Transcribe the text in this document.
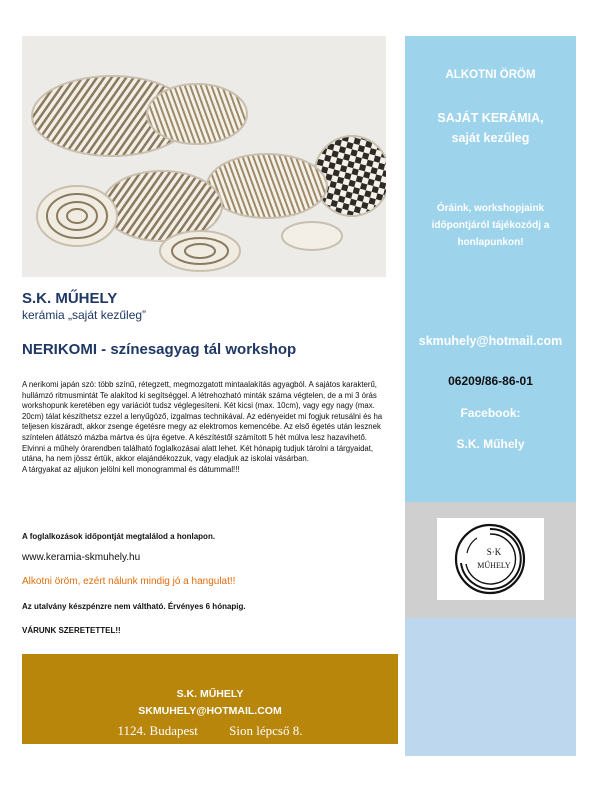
S.K. MŰHELY
kerámia „saját kezűleg”
NERIKOMI - színesagyag tál workshop

A nerikomi japán szó: több színű, rétegzett, megmozgatott mintaalakítás agyagból. A sajátos karakterű, hullámzó ritmusmintát Te alakítod ki segítséggel. A létrehozható minták száma végtelen, de a mi 3 órás workshopunk keretében egy variációt tudsz véglegesíteni. Két kicsi (max. 10cm), vagy egy nagy (max. 20cm) tálat készíthetsz ezzel a lenyűgöző, izgalmas technikával. Az edényeidet mi fogjuk retusálni és ha teljesen kiszáradt, akkor zsenge égetésre megy az elektromos kemencébe. Az első égetés után lesznek színtelen átlátszó mázba mártva és újra égetve. A készítéstől számított 5 hét múlva lesz hazavihető. Elvinni a műhely órarendben található foglalkozásai alatt lehet. Két hónapig tudjuk tárolni a tárgyaidat, utána, ha nem jössz értük, akkor elajándékozzuk, vagy eladjuk az iskolai vásárban.

A tárgyakat az aljukon jelölni kell monogrammal és dátummal!!!

A foglalkozások időpontját megtalálod a honlapon.
www.keramia-skmuhely.hu
Alkotni öröm, ezért nálunk mindig jó a hangulat!!
Az utalvány készpénzre nem váltható. Érvényes 6 hónapig.
VÁRUNK SZERETETTEL!!
S.K. MŰHELY
SKMUHELY@HOTMAIL.COM
1124. Budapest Sion lépcső 8.
ALKOTNI ÖRÖM
SAJÁT KERÁMIA,
saját kezűleg
Óráink, workshopjaink időpontjáról tájékozódj a honlapunkon!
skmuhely@hotmail.com
06209/86-86-01
Facebook:
S.K. Műhely
S·K
MŰHELY
